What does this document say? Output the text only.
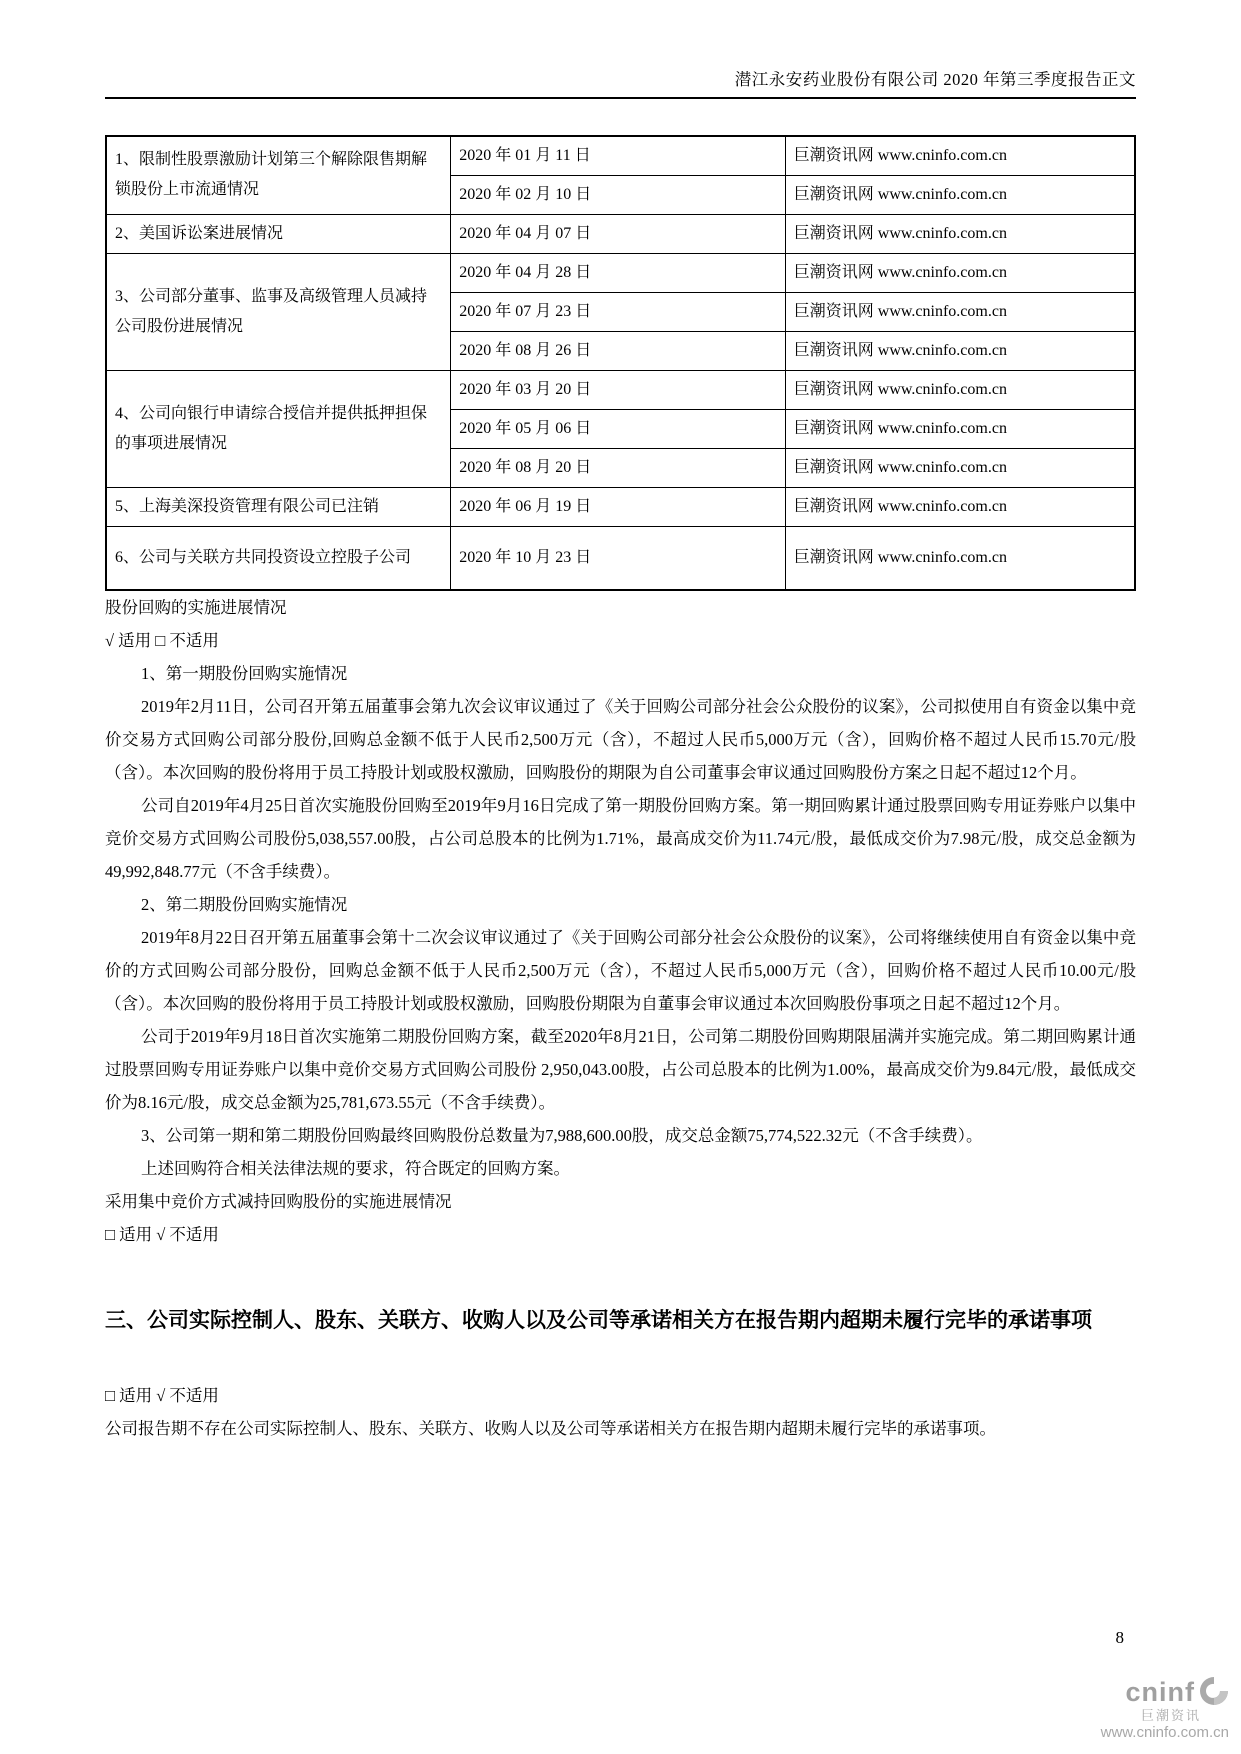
潜江永安药业股份有限公司 2020 年第三季度报告正文
1、限制性股票激励计划第三个解除限售期解锁股份上市流通情况	2020 年 01 月 11 日	巨潮资讯网 www.cninfo.com.cn
	2020 年 02 月 10 日	巨潮资讯网 www.cninfo.com.cn
2、美国诉讼案进展情况	2020 年 04 月 07 日	巨潮资讯网 www.cninfo.com.cn
3、公司部分董事、监事及高级管理人员减持公司股份进展情况	2020 年 04 月 28 日	巨潮资讯网 www.cninfo.com.cn
	2020 年 07 月 23 日	巨潮资讯网 www.cninfo.com.cn
	2020 年 08 月 26 日	巨潮资讯网 www.cninfo.com.cn
4、公司向银行申请综合授信并提供抵押担保的事项进展情况	2020 年 03 月 20 日	巨潮资讯网 www.cninfo.com.cn
	2020 年 05 月 06 日	巨潮资讯网 www.cninfo.com.cn
	2020 年 08 月 20 日	巨潮资讯网 www.cninfo.com.cn
5、上海美深投资管理有限公司已注销	2020 年 06 月 19 日	巨潮资讯网 www.cninfo.com.cn
6、公司与关联方共同投资设立控股子公司	2020 年 10 月 23 日	巨潮资讯网 www.cninfo.com.cn

股份回购的实施进展情况

√ 适用 □ 不适用

1、第一期股份回购实施情况

2019年2月11日，公司召开第五届董事会第九次会议审议通过了《关于回购公司部分社会公众股份的议案》，公司拟使用自有资金以集中竞价交易方式回购公司部分股份,回购总金额不低于人民币2,500万元（含），不超过人民币5,000万元（含），回购价格不超过人民币15.70元/股（含）。本次回购的股份将用于员工持股计划或股权激励，回购股份的期限为自公司董事会审议通过回购股份方案之日起不超过12个月。

公司自2019年4月25日首次实施股份回购至2019年9月16日完成了第一期股份回购方案。第一期回购累计通过股票回购专用证券账户以集中竞价交易方式回购公司股份5,038,557.00股，占公司总股本的比例为1.71%，最高成交价为11.74元/股，最低成交价为7.98元/股，成交总金额为49,992,848.77元（不含手续费）。

2、第二期股份回购实施情况

2019年8月22日召开第五届董事会第十二次会议审议通过了《关于回购公司部分社会公众股份的议案》，公司将继续使用自有资金以集中竞价的方式回购公司部分股份，回购总金额不低于人民币2,500万元（含），不超过人民币5,000万元（含），回购价格不超过人民币10.00元/股（含）。本次回购的股份将用于员工持股计划或股权激励，回购股份期限为自董事会审议通过本次回购股份事项之日起不超过12个月。

公司于2019年9月18日首次实施第二期股份回购方案，截至2020年8月21日，公司第二期股份回购期限届满并实施完成。第二期回购累计通过股票回购专用证券账户以集中竞价交易方式回购公司股份 2,950,043.00股，占公司总股本的比例为1.00%，最高成交价为9.84元/股，最低成交价为8.16元/股，成交总金额为25,781,673.55元（不含手续费）。

3、公司第一期和第二期股份回购最终回购股份总数量为7,988,600.00股，成交总金额75,774,522.32元（不含手续费）。

上述回购符合相关法律法规的要求，符合既定的回购方案。

采用集中竞价方式减持回购股份的实施进展情况

□ 适用 √ 不适用

三、公司实际控制人、股东、关联方、收购人以及公司等承诺相关方在报告期内超期未履行完毕的承诺事项

□ 适用 √ 不适用

公司报告期不存在公司实际控制人、股东、关联方、收购人以及公司等承诺相关方在报告期内超期未履行完毕的承诺事项。

8
cninf
巨潮资讯
www.cninfo.com.cn
